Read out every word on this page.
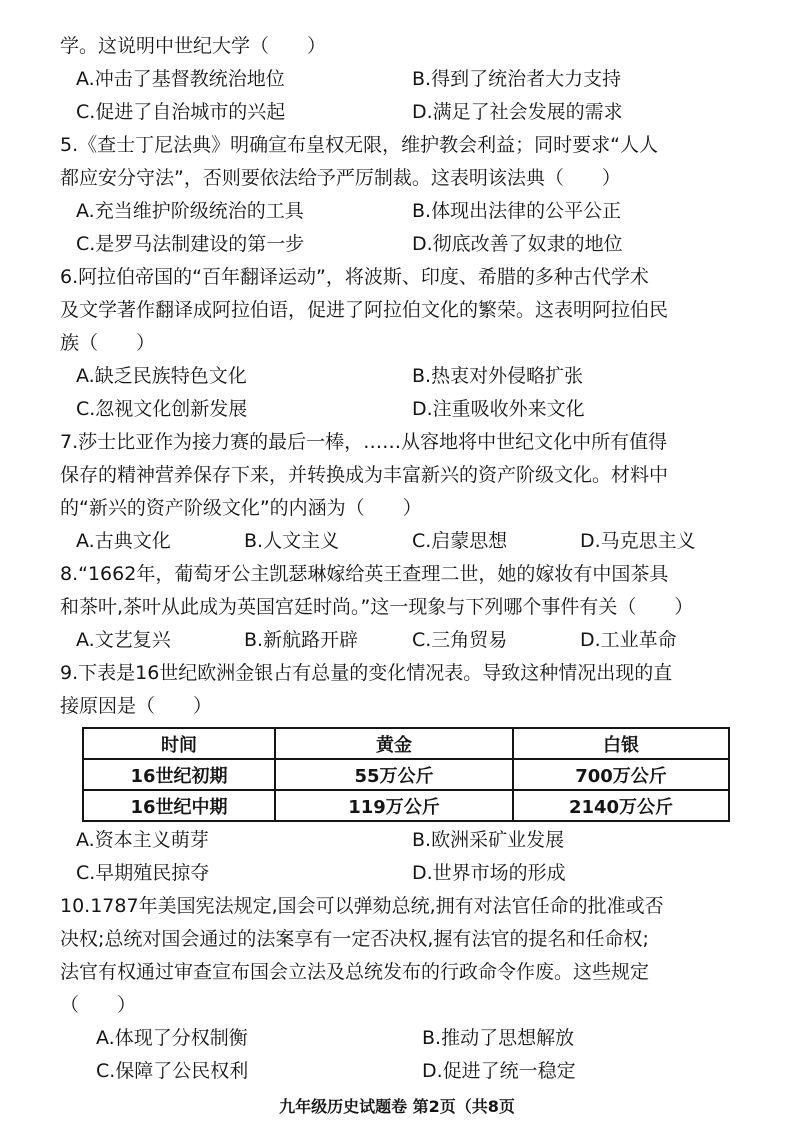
学。这说明中世纪大学（　　）
A.冲击了基督教统治地位	B.得到了统治者大力支持
C.促进了自治城市的兴起	D.满足了社会发展的需求
5.《查士丁尼法典》明确宣布皇权无限，维护教会利益；同时要求“人人
都应安分守法”，否则要依法给予严厉制裁。这表明该法典（　　）
A.充当维护阶级统治的工具	B.体现出法律的公平公正
C.是罗马法制建设的第一步	D.彻底改善了奴隶的地位
6.阿拉伯帝国的“百年翻译运动”，将波斯、印度、希腊的多种古代学术
及文学著作翻译成阿拉伯语，促进了阿拉伯文化的繁荣。这表明阿拉伯民
族（　　）
A.缺乏民族特色文化	B.热衷对外侵略扩张
C.忽视文化创新发展	D.注重吸收外来文化
7.莎士比亚作为接力赛的最后一棒，……从容地将中世纪文化中所有值得
保存的精神营养保存下来，并转换成为丰富新兴的资产阶级文化。材料中
的“新兴的资产阶级文化”的内涵为（　　）
A.古典文化	B.人文主义	C.启蒙思想	D.马克思主义
8.“1662年，葡萄牙公主凯瑟琳嫁给英王查理二世，她的嫁妆有中国茶具
和茶叶,茶叶从此成为英国宫廷时尚。”这一现象与下列哪个事件有关（　　）
A.文艺复兴	B.新航路开辟	C.三角贸易	D.工业革命
9.下表是16世纪欧洲金银占有总量的变化情况表。导致这种情况出现的直
接原因是（　　）
时间	黄金	白银
16世纪初期	55万公斤	700万公斤
16世纪中期	119万公斤	2140万公斤
A.资本主义萌芽	B.欧洲采矿业发展
C.早期殖民掠夺	D.世界市场的形成
10.1787年美国宪法规定,国会可以弹劾总统,拥有对法官任命的批准或否
决权;总统对国会通过的法案享有一定否决权,握有法官的提名和任命权;
法官有权通过审查宣布国会立法及总统发布的行政命令作废。这些规定
（　　）
A.体现了分权制衡	B.推动了思想解放
C.保障了公民权利	D.促进了统一稳定
九年级历史试题卷 第2页（共8页
